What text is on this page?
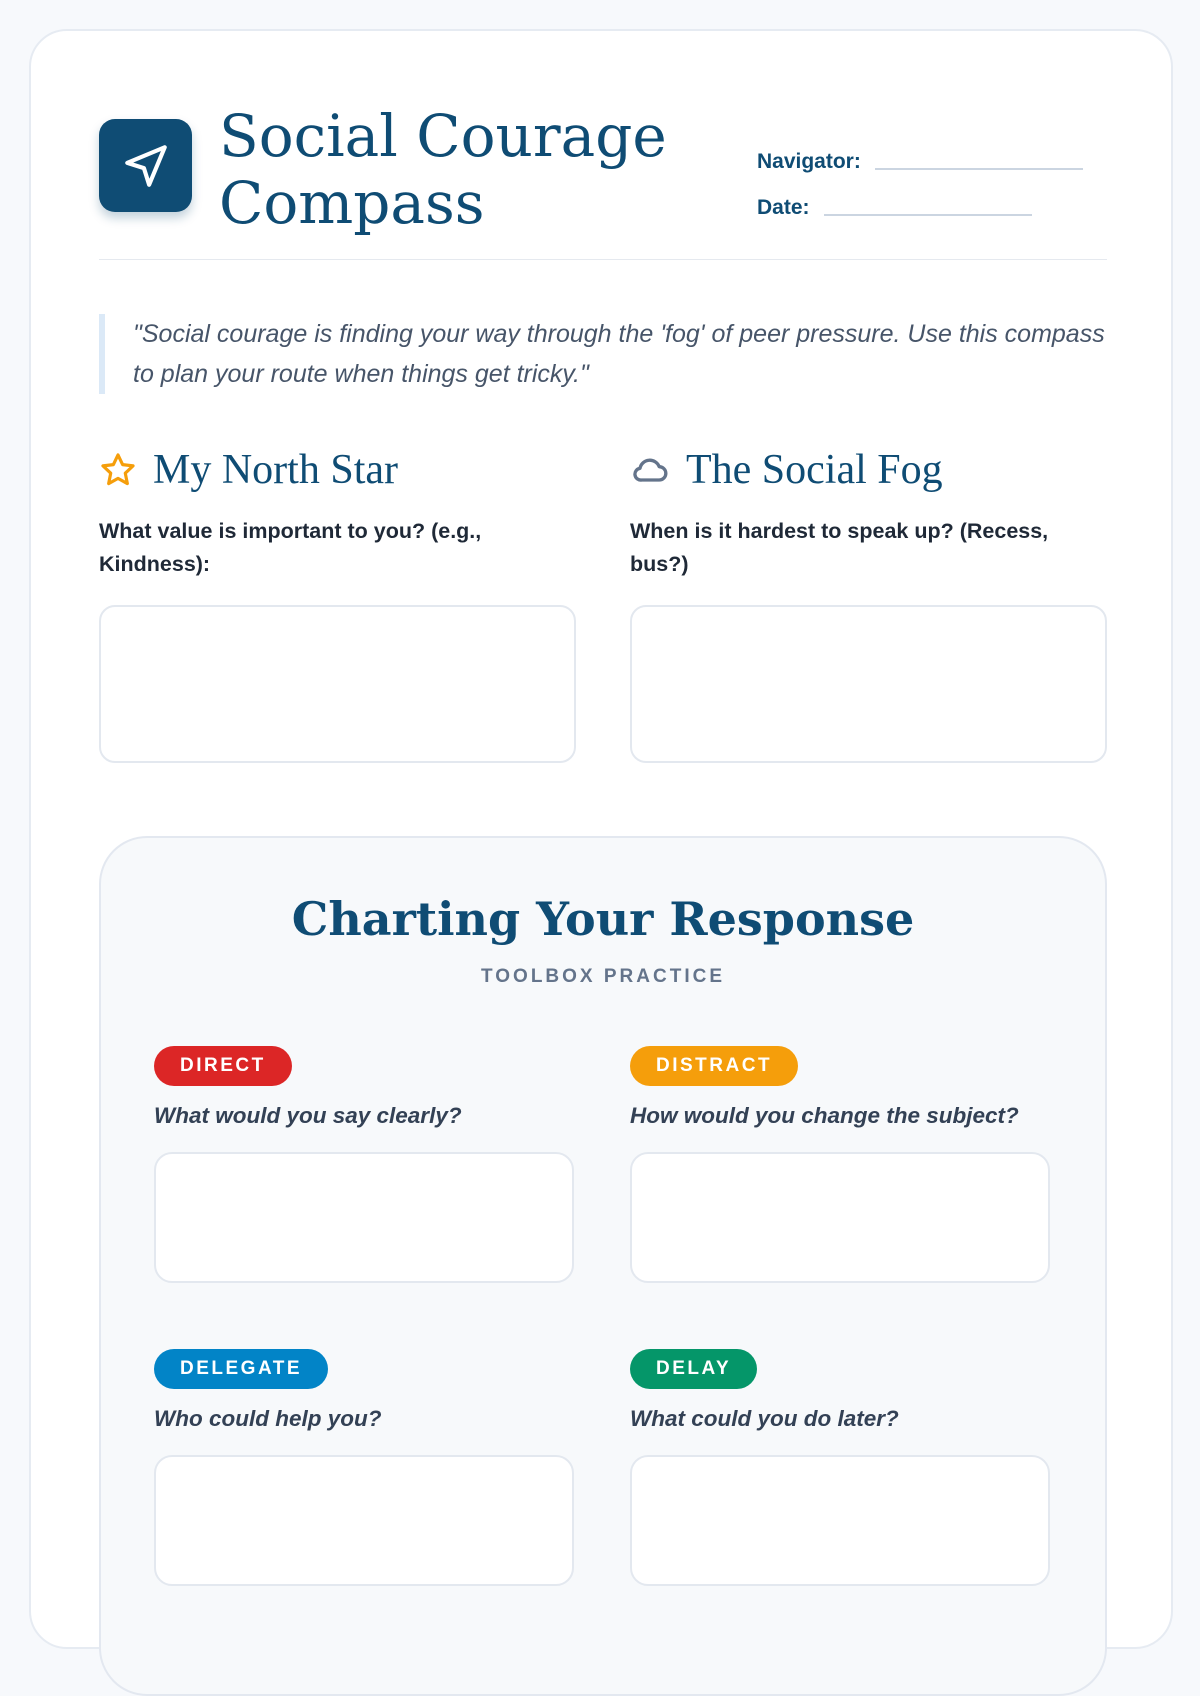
Social Courage
Compass
Navigator:
Date:
"Social courage is finding your way through the 'fog' of peer pressure. Use this compass to plan your route when things get tricky."
My North Star
What value is important to you? (e.g., Kindness):
The Social Fog
When is it hardest to speak up? (Recess, bus?)
Charting Your Response
TOOLBOX PRACTICE
DIRECT
What would you say clearly?
DISTRACT
How would you change the subject?
DELEGATE
Who could help you?
DELAY
What could you do later?
